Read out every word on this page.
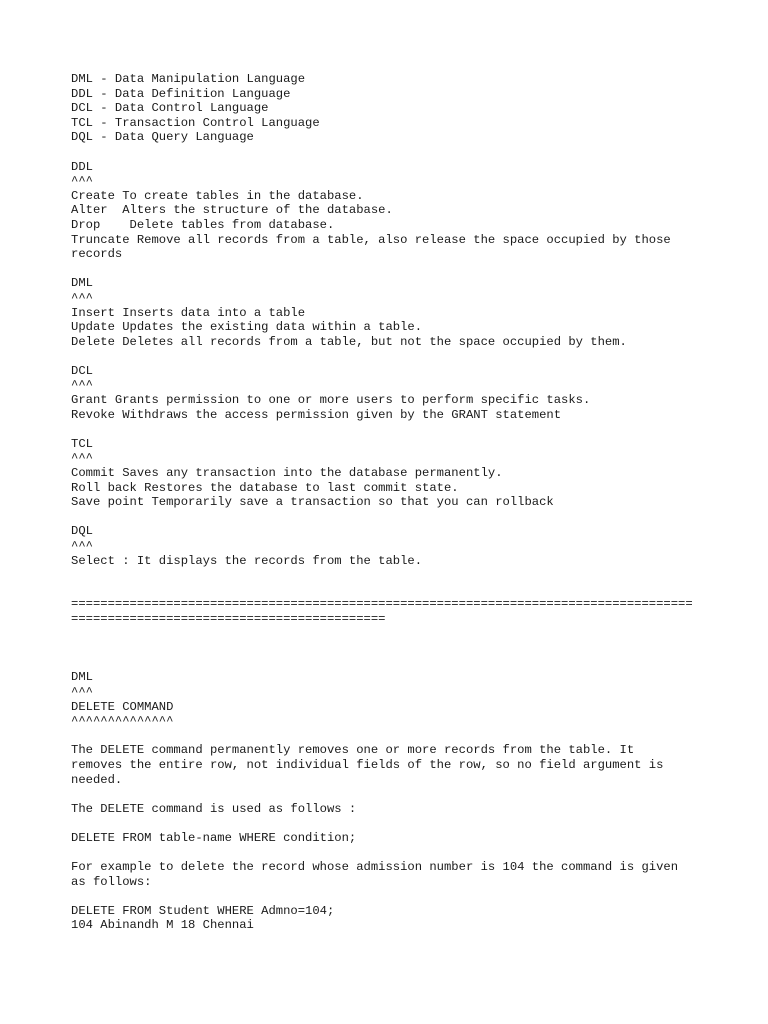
DML - Data Manipulation Language
DDL - Data Definition Language
DCL - Data Control Language
TCL - Transaction Control Language
DQL - Data Query Language
DDL
^^^
Create To create tables in the database.
Alter  Alters the structure of the database.
Drop    Delete tables from database.
Truncate Remove all records from a table, also release the space occupied by those
records
DML
^^^
Insert Inserts data into a table
Update Updates the existing data within a table.
Delete Deletes all records from a table, but not the space occupied by them.
DCL
^^^
Grant Grants permission to one or more users to perform specific tasks.
Revoke Withdraws the access permission given by the GRANT statement
TCL
^^^
Commit Saves any transaction into the database permanently.
Roll back Restores the database to last commit state.
Save point Temporarily save a transaction so that you can rollback
DQL
^^^
Select : It displays the records from the table.
=====================================================================================
===========================================
DML
^^^
DELETE COMMAND
^^^^^^^^^^^^^^
The DELETE command permanently removes one or more records from the table. It
removes the entire row, not individual fields of the row, so no field argument is
needed.
The DELETE command is used as follows :
DELETE FROM table-name WHERE condition;
For example to delete the record whose admission number is 104 the command is given
as follows:
DELETE FROM Student WHERE Admno=104;
104 Abinandh M 18 Chennai
